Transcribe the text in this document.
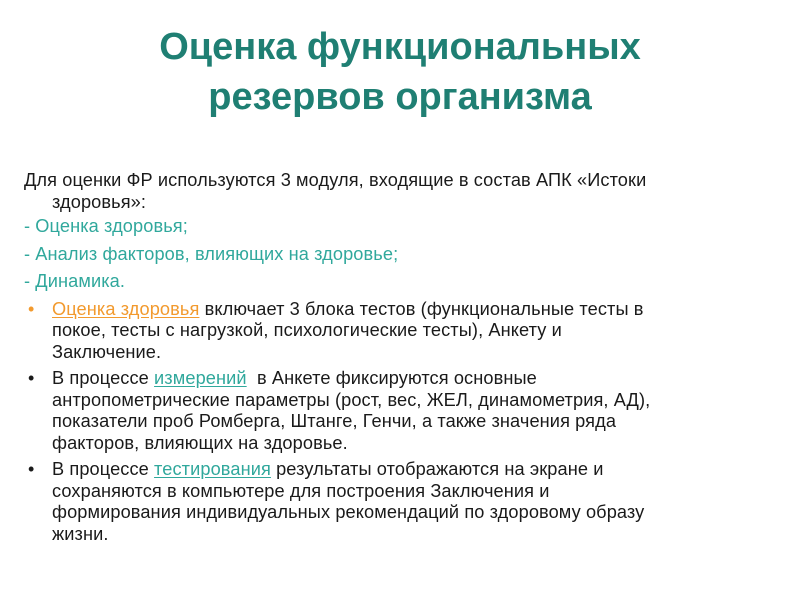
Оценка функциональных
резервов организма
Для оценки ФР используются 3 модуля, входящие в состав АПК «Истоки
здоровья»:
- Оценка здоровья;
- Анализ факторов, влияющих на здоровье;
- Динамика.
• Оценка здоровья включает 3 блока тестов (функциональные тесты в
покое, тесты с нагрузкой, психологические тесты), Анкету и
Заключение.
• В процессе измерений  в Анкете фиксируются основные
антропометрические параметры (рост, вес, ЖЕЛ, динамометрия, АД),
показатели проб Ромберга, Штанге, Генчи, а также значения ряда
факторов, влияющих на здоровье.
• В процессе тестирования результаты отображаются на экране и
сохраняются в компьютере для построения Заключения и
формирования индивидуальных рекомендаций по здоровому образу
жизни.
